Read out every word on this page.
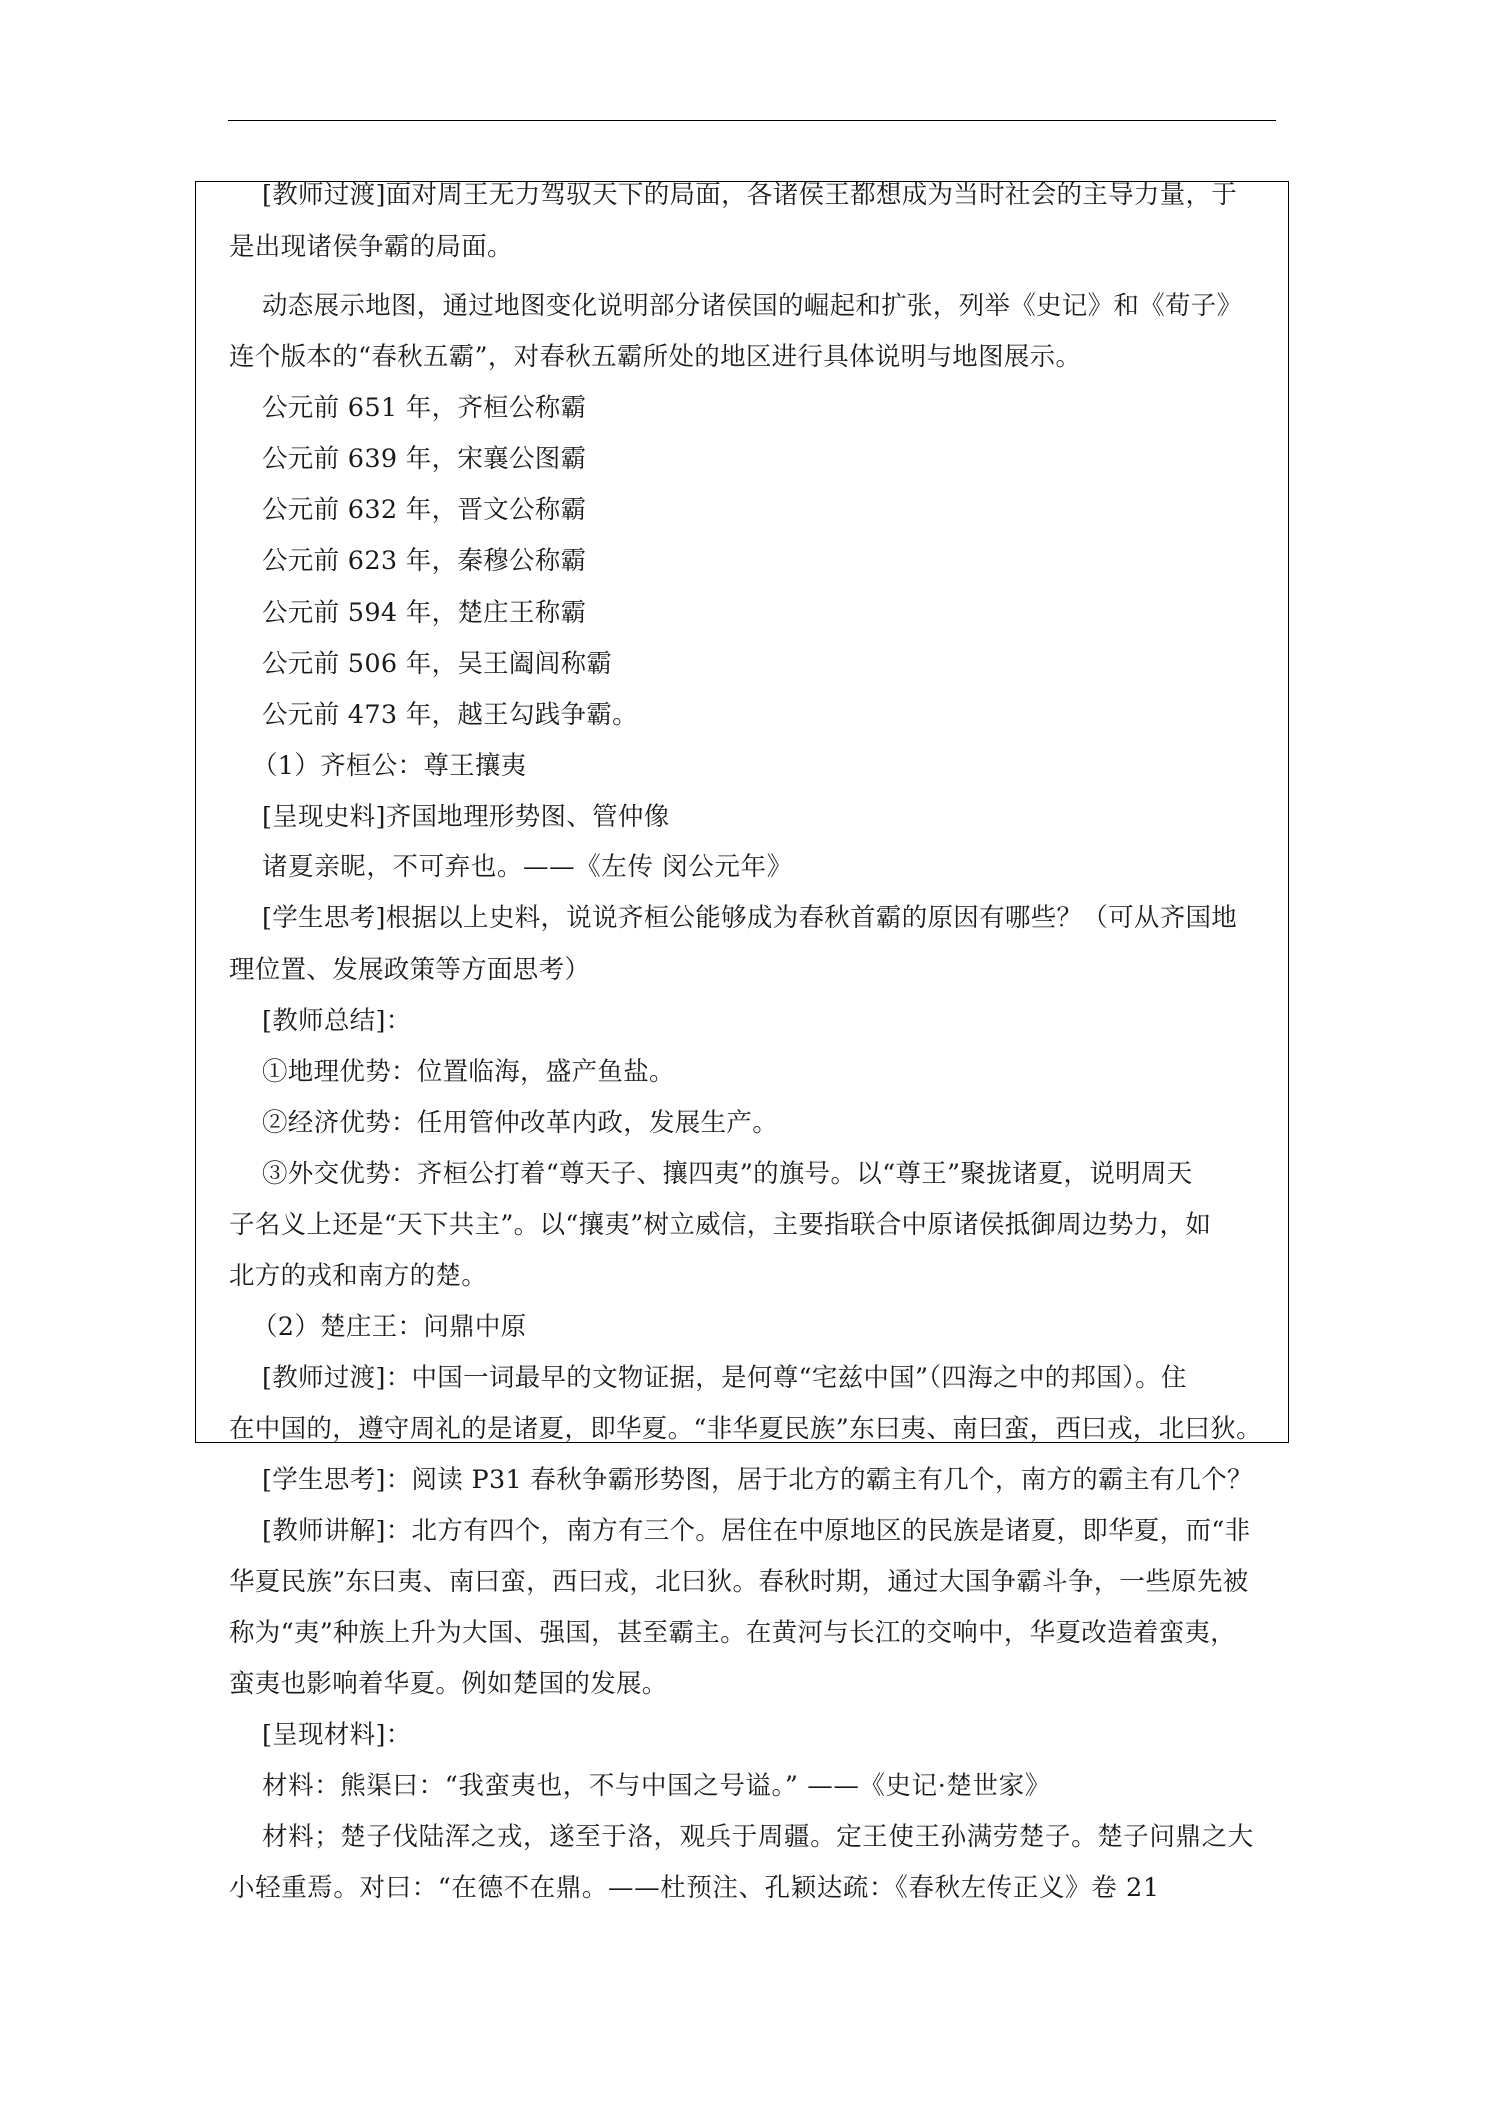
[教师过渡]面对周王无力驾驭天下的局面，各诸侯王都想成为当时社会的主导力量，于
是出现诸侯争霸的局面。
动态展示地图，通过地图变化说明部分诸侯国的崛起和扩张，列举《史记》和《荀子》
连个版本的“春秋五霸”，对春秋五霸所处的地区进行具体说明与地图展示。
公元前 651 年，齐桓公称霸
公元前 639 年，宋襄公图霸
公元前 632 年，晋文公称霸
公元前 623 年，秦穆公称霸
公元前 594 年，楚庄王称霸
公元前 506 年，吴王阖闾称霸
公元前 473 年，越王勾践争霸。
（1）齐桓公：尊王攘夷
[呈现史料]齐国地理形势图、管仲像
诸夏亲昵，不可弃也。——《左传 闵公元年》
[学生思考]根据以上史料，说说齐桓公能够成为春秋首霸的原因有哪些？（可从齐国地
理位置、发展政策等方面思考）
[教师总结]：
①地理优势：位置临海，盛产鱼盐。
②经济优势：任用管仲改革内政，发展生产。
③外交优势：齐桓公打着“尊天子、攘四夷”的旗号。以“尊王”聚拢诸夏，说明周天
子名义上还是“天下共主”。以“攘夷”树立威信，主要指联合中原诸侯抵御周边势力，如
北方的戎和南方的楚。
（2）楚庄王：问鼎中原
[教师过渡]：中国一词最早的文物证据，是何尊“宅兹中国”（四海之中的邦国）。住
在中国的，遵守周礼的是诸夏，即华夏。“非华夏民族”东曰夷、南曰蛮，西曰戎，北曰狄。
[学生思考]：阅读 P31 春秋争霸形势图，居于北方的霸主有几个，南方的霸主有几个？
[教师讲解]：北方有四个，南方有三个。居住在中原地区的民族是诸夏，即华夏，而“非
华夏民族”东曰夷、南曰蛮，西曰戎，北曰狄。春秋时期，通过大国争霸斗争，一些原先被
称为“夷”种族上升为大国、强国，甚至霸主。在黄河与长江的交响中，华夏改造着蛮夷，
蛮夷也影响着华夏。例如楚国的发展。
[呈现材料]：
材料：熊渠曰：“我蛮夷也，不与中国之号谥。” ——《史记·楚世家》
材料；楚子伐陆浑之戎，遂至于洛，观兵于周疆。定王使王孙满劳楚子。楚子问鼎之大
小轻重焉。对曰：“在德不在鼎。——杜预注、孔颖达疏：《春秋左传正义》卷 21
